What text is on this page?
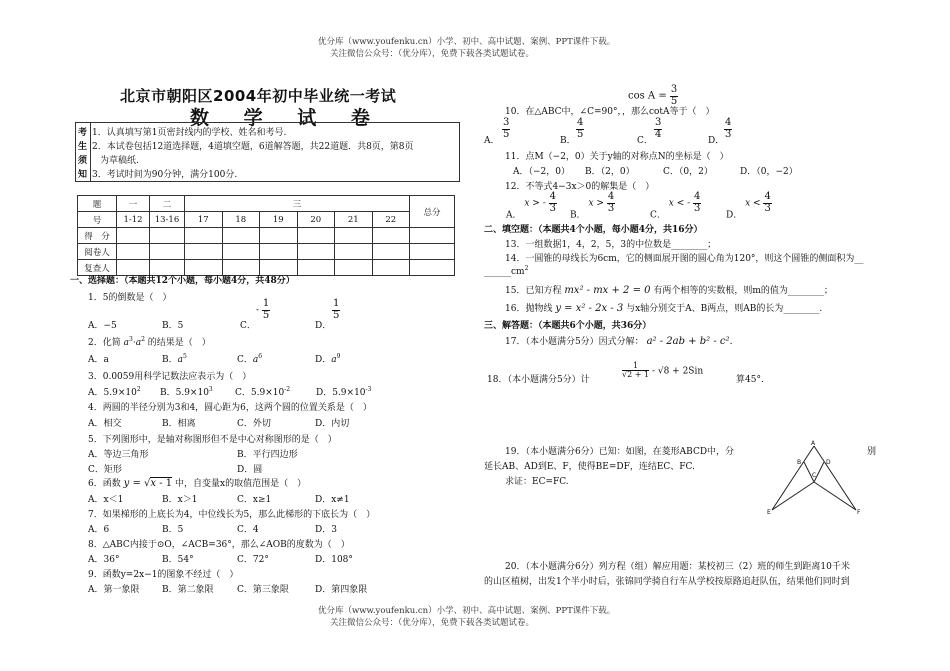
优分库（www.youfenku.cn）小学、初中、高中试题、案例、PPT课件下载。
关注微信公众号：（优分库），免费下载各类试题试卷。
北京市朝阳区2004年初中毕业统一考试
数 学 试 卷
考
生
须
知
1．认真填写第1页密封线内的学校、姓名和考号.
2．本试卷包括12道选择题，4道填空题，6道解答题，共22道题．共8页，第8页
为草稿纸.
3．考试时间为90分钟，满分100分.
题	一	二	三						总分
号	1-12	13-16	17	18	19	20	21	22	
得　分									
阅卷人									
复查人									
一、选择题：（本题共12个小题，每小题4分，共48分）
1．5的倒数是（　）
A．−5	B．5	C．
- $\frac{1}{5}$
D．
$\frac{1}{5}$
2．化简 $a^3\cdot a^2$ 的结果是（　）
A．a	B．$a^5$	C．$a^6$	D．$a^9$
3．0.0059用科学记数法应表示为（　）
A．$5.9\times 10^2$ B．$5.9\times 10^3$ C．$5.9\times 10^{-2}$	D．$5.9\times 10^{-3}$
4．两圆的半径分别为3和4，圆心距为6，这两个圆的位置关系是（　）
A．相交	B．相离	C．外切	D．内切
5．下列图形中，是轴对称图形但不是中心对称图形的是（　）
A．等边三角形	B．平行四边形
C．矩形	D．圆
6．函数 y = √x - 1 中，自变量x的取值范围是（　）
A．x＜1	B．x＞1	C．x≥1	D．x≠1
7．如果梯形的上底长为4，中位线长为5，那么此梯形的下底长为（　）
A．6	B．5	C．4	D．3
8．△ABC内接于⊙O，∠ACB=36°，那么∠AOB的度数为（　）
A．36°	B．54°	C．72°	D．108°
9．函数y=2x−1的图象不经过（　）
A．第一象限	B．第二象限	C．第三象限	D．第四象限
$\cos A = \frac{3}{5}$
10．在△ABC中，∠C=90°，，那么cotA等于（　）
A．
$\frac{3}{5}$
B．
$\frac{4}{5}$
C．
$\frac{3}{4}$
D．
$\frac{4}{3}$
11．点M（−2，0）关于y轴的对称点N的坐标是（　）
A．（−2，0） B．（2，0）	C．（0，2）	D．（0，−2）
12．不等式4−3x＞0的解集是（　）
A． x > - $\frac{4}{3}$
B． $x > \frac{4}{3}$
C． x < - $\frac{4}{3}$
D． $x < \frac{4}{3}$
二、填空题：（本题共4个小题，每小题4分，共16分）
13．一组数据1，4，2，5，3的中位数是________；
14．一圆锥的母线长为6cm，它的侧面展开图的圆心角为120°，则这个圆锥的侧面积为__
$\_\_\_\_\_\_cm^2$
15．已知方程 mx² - mx + 2 = 0 有两个相等的实数根，则m的值为________；
16．抛物线 y = x² - 2x - 3 与x轴分别交于A、B两点，则AB的长为________.
三、解答题：（本题共6个小题，共36分）
17．（本小题满分5分）因式分解： a² - 2ab + b² - c².
18．（本小题满分5分）计
$\frac{1}{√2 + 1} - √8 + 2Sin$
算45°.
19．（本小题满分6分）已知：如图，在菱形ABCD中，分	别
延长AB、AD到E、F，使得BE=DF，连结EC、FC.
求证：EC=FC.
A
B	D
C
E	F
20．（本小题满分6分）列方程（组）解应用题：某校初三（2）班的师生到距离10千米
的山区植树，出发1个半小时后，张锦同学骑自行车从学校按原路追赶队伍，结果他们同时到
优分库（www.youfenku.cn）小学、初中、高中试题、案例、PPT课件下载。
关注微信公众号：（优分库），免费下载各类试题试卷。
